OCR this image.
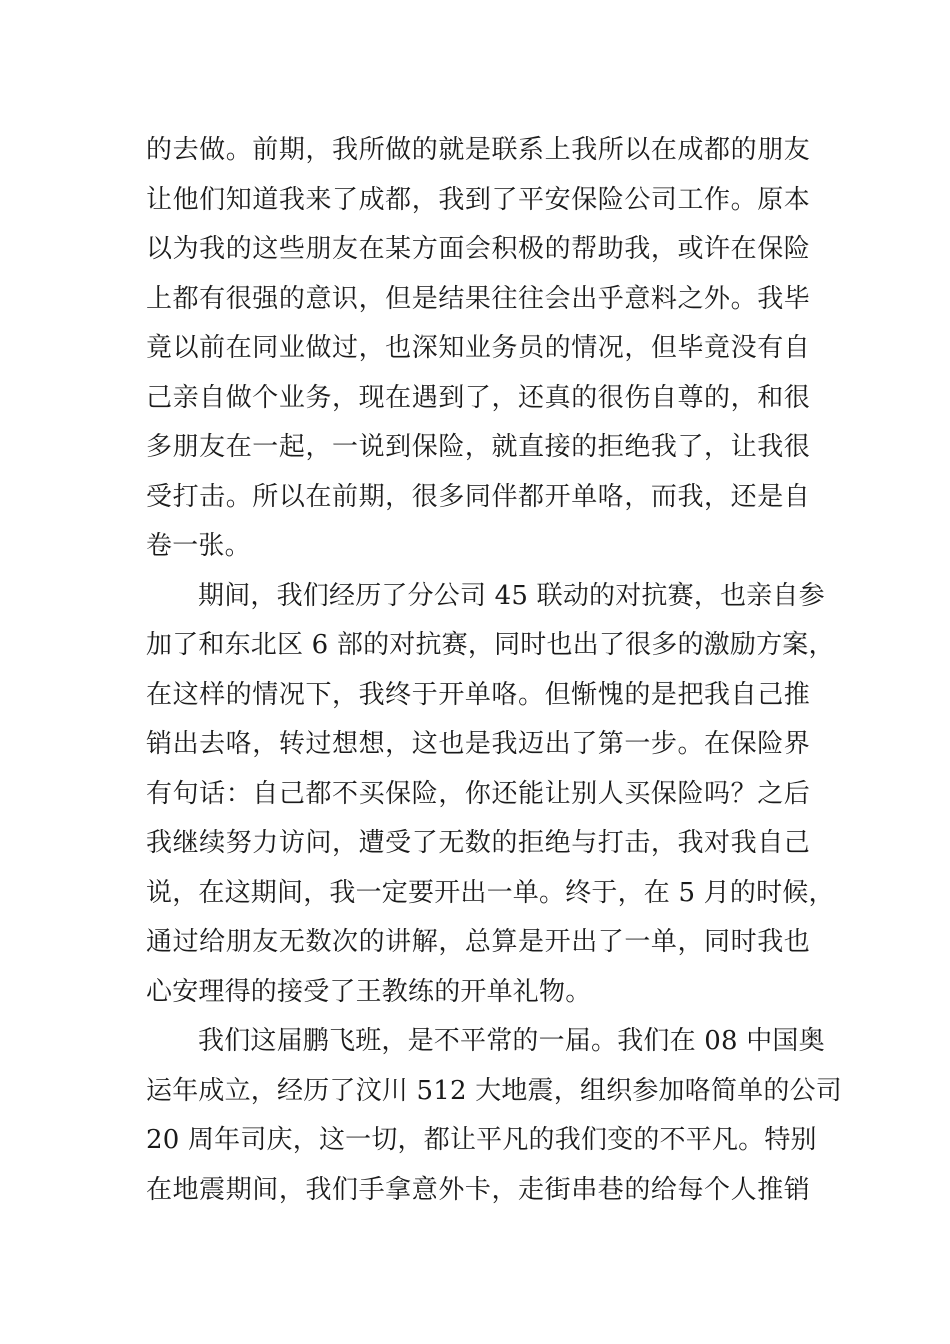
的去做。前期，我所做的就是联系上我所以在成都的朋友
让他们知道我来了成都，我到了平安保险公司工作。原本
以为我的这些朋友在某方面会积极的帮助我，或许在保险
上都有很强的意识，但是结果往往会出乎意料之外。我毕
竟以前在同业做过，也深知业务员的情况，但毕竟没有自
己亲自做个业务，现在遇到了，还真的很伤自尊的，和很
多朋友在一起，一说到保险，就直接的拒绝我了，让我很
受打击。所以在前期，很多同伴都开单咯，而我，还是自
卷一张。
期间，我们经历了分公司 45 联动的对抗赛，也亲自参
加了和东北区 6 部的对抗赛，同时也出了很多的激励方案，
在这样的情况下，我终于开单咯。但惭愧的是把我自己推
销出去咯，转过想想，这也是我迈出了第一步。在保险界
有句话：自己都不买保险，你还能让别人买保险吗？之后
我继续努力访问，遭受了无数的拒绝与打击，我对我自己
说，在这期间，我一定要开出一单。终于，在 5 月的时候，
通过给朋友无数次的讲解，总算是开出了一单，同时我也
心安理得的接受了王教练的开单礼物。
我们这届鹏飞班，是不平常的一届。我们在 08 中国奥
运年成立，经历了汶川 512 大地震，组织参加咯简单的公司
20 周年司庆，这一切，都让平凡的我们变的不平凡。特别
在地震期间，我们手拿意外卡，走街串巷的给每个人推销
